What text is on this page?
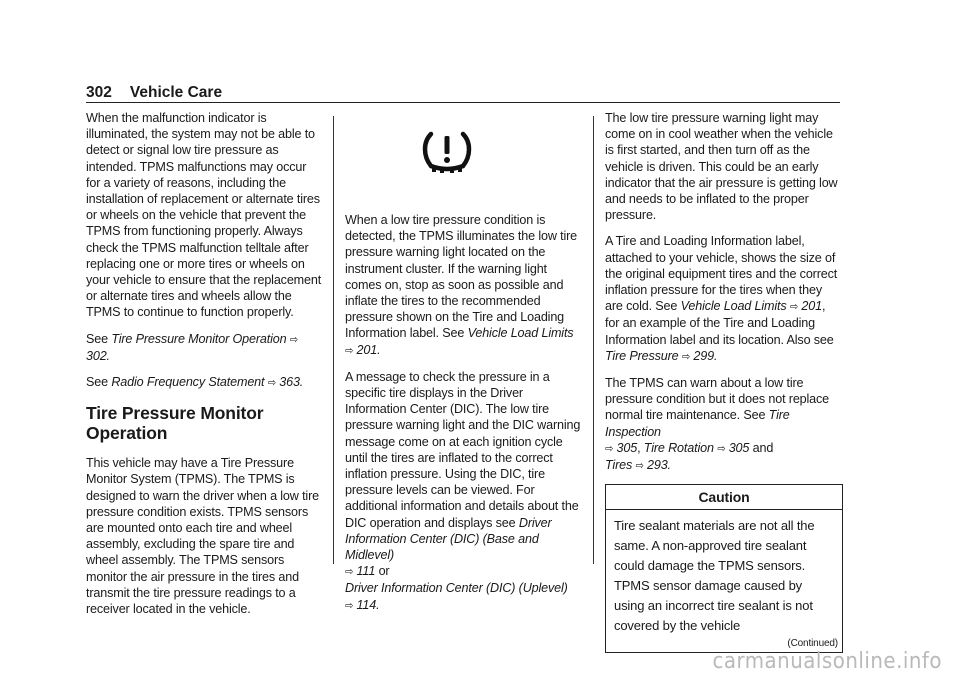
302 Vehicle Care

When the malfunction indicator is illuminated, the system may not be able to detect or signal low tire pressure as intended. TPMS malfunctions may occur for a variety of reasons, including the installation of replacement or alternate tires or wheels on the vehicle that prevent the TPMS from functioning properly. Always check the TPMS malfunction telltale after replacing one or more tires or wheels on your vehicle to ensure that the replacement or alternate tires and wheels allow the TPMS to continue to function properly.

See Tire Pressure Monitor Operation ⇨ 302.

See Radio Frequency Statement ⇨ 363.

Tire Pressure Monitor Operation

This vehicle may have a Tire Pressure Monitor System (TPMS). The TPMS is designed to warn the driver when a low tire pressure condition exists. TPMS sensors are mounted onto each tire and wheel assembly, excluding the spare tire and wheel assembly. The TPMS sensors monitor the air pressure in the tires and transmit the tire pressure readings to a receiver located in the vehicle.

When a low tire pressure condition is detected, the TPMS illuminates the low tire pressure warning light located on the instrument cluster. If the warning light comes on, stop as soon as possible and inflate the tires to the recommended pressure shown on the Tire and Loading Information label. See Vehicle Load Limits
⇨ 201.

A message to check the pressure in a specific tire displays in the Driver Information Center (DIC). The low tire pressure warning light and the DIC warning message come on at each ignition cycle until the tires are inflated to the correct inflation pressure. Using the DIC, tire pressure levels can be viewed. For additional information and details about the DIC operation and displays see Driver Information Center (DIC) (Base and Midlevel)
⇨ 111 or
Driver Information Center (DIC) (Uplevel)
⇨ 114.

The low tire pressure warning light may come on in cool weather when the vehicle is first started, and then turn off as the vehicle is driven. This could be an early indicator that the air pressure is getting low and needs to be inflated to the proper pressure.

A Tire and Loading Information label, attached to your vehicle, shows the size of the original equipment tires and the correct inflation pressure for the tires when they are cold. See Vehicle Load Limits ⇨ 201, for an example of the Tire and Loading Information label and its location. Also see Tire Pressure ⇨ 299.

The TPMS can warn about a low tire pressure condition but it does not replace normal tire maintenance. See Tire Inspection
⇨ 305, Tire Rotation ⇨ 305 and
Tires ⇨ 293.

Caution
Tire sealant materials are not all the same. A non-approved tire sealant could damage the TPMS sensors. TPMS sensor damage caused by using an incorrect tire sealant is not covered by the vehicle
(Continued)
carmanualsonline.info
